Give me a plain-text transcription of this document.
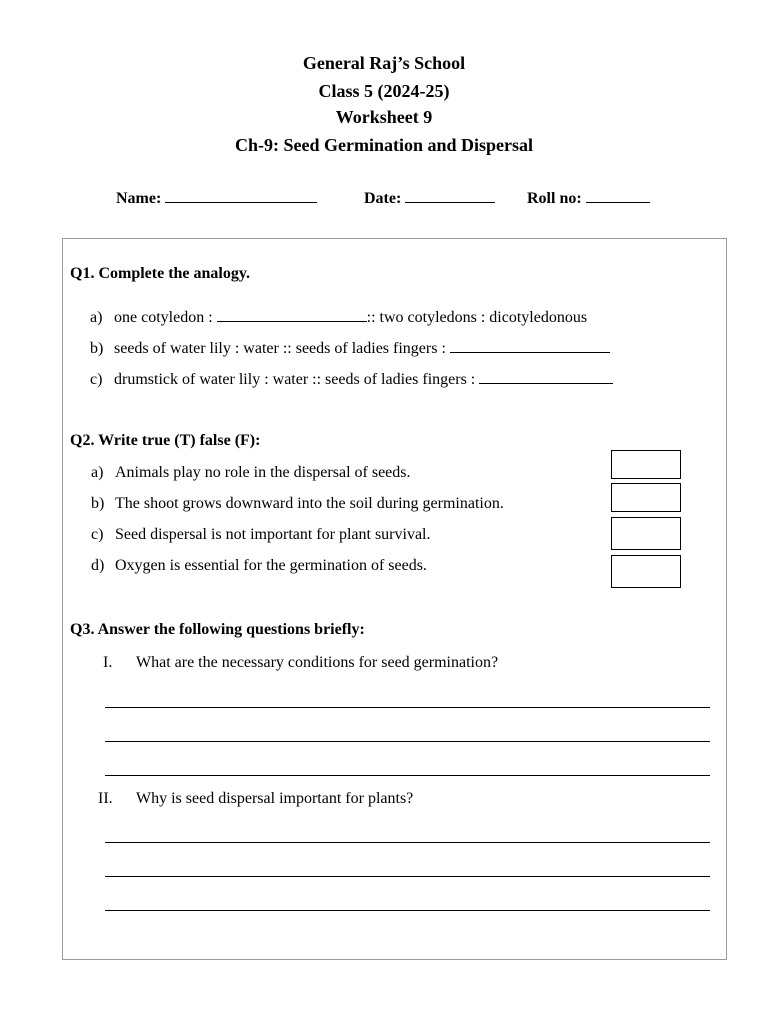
General Raj’s School
Class 5 (2024-25)
Worksheet 9
Ch-9: Seed Germination and Dispersal
Name:	Date:	Roll no:
Q1. Complete the analogy.
a) one cotyledon :	:: two cotyledons : dicotyledonous
b) seeds of water lily : water :: seeds of ladies fingers :
c) drumstick of water lily : water :: seeds of ladies fingers :
Q2. Write true (T) false (F):
a) Animals play no role in the dispersal of seeds.
b) The shoot grows downward into the soil during germination.
c) Seed dispersal is not important for plant survival.
d) Oxygen is essential for the germination of seeds.
Q3. Answer the following questions briefly:
I. What are the necessary conditions for seed germination?
II. Why is seed dispersal important for plants?
